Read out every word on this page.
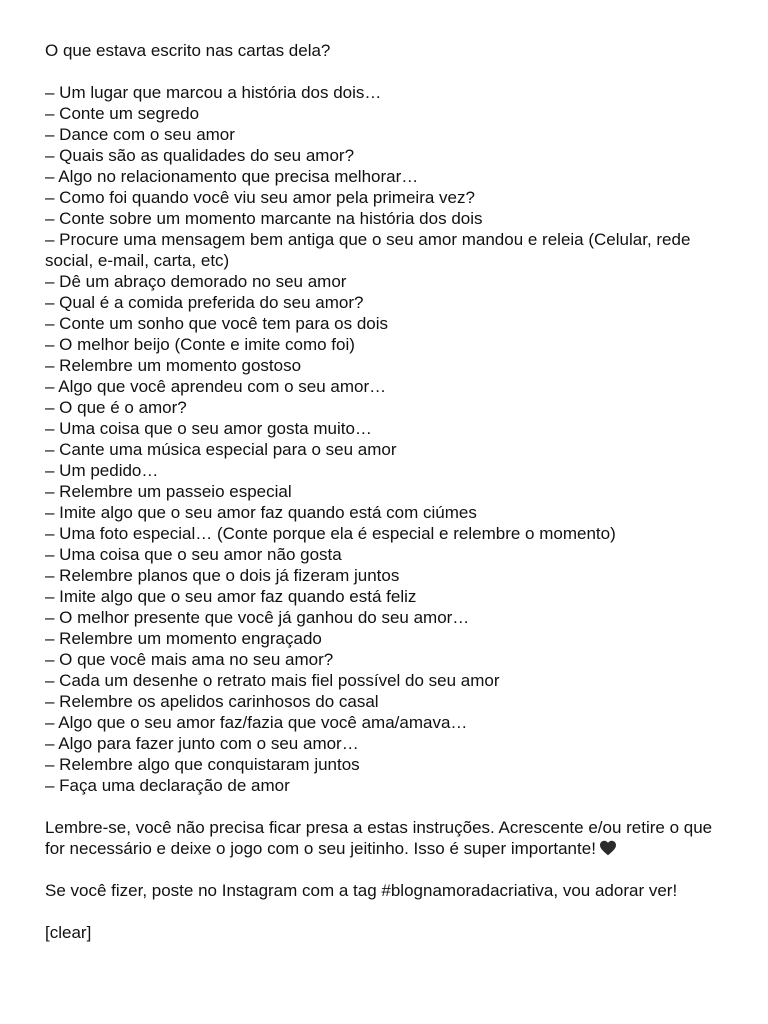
O que estava escrito nas cartas dela?

– Um lugar que marcou a história dos dois…
– Conte um segredo
– Dance com o seu amor
– Quais são as qualidades do seu amor?
– Algo no relacionamento que precisa melhorar…
– Como foi quando você viu seu amor pela primeira vez?
– Conte sobre um momento marcante na história dos dois
– Procure uma mensagem bem antiga que o seu amor mandou e releia (Celular, rede social, e-mail, carta, etc)
– Dê um abraço demorado no seu amor
– Qual é a comida preferida do seu amor?
– Conte um sonho que você tem para os dois
– O melhor beijo (Conte e imite como foi)
– Relembre um momento gostoso
– Algo que você aprendeu com o seu amor…
– O que é o amor?
– Uma coisa que o seu amor gosta muito…
– Cante uma música especial para o seu amor
– Um pedido…
– Relembre um passeio especial
– Imite algo que o seu amor faz quando está com ciúmes
– Uma foto especial… (Conte porque ela é especial e relembre o momento)
– Uma coisa que o seu amor não gosta
– Relembre planos que o dois já fizeram juntos
– Imite algo que o seu amor faz quando está feliz
– O melhor presente que você já ganhou do seu amor…
– Relembre um momento engraçado
– O que você mais ama no seu amor?
– Cada um desenhe o retrato mais fiel possível do seu amor
– Relembre os apelidos carinhosos do casal
– Algo que o seu amor faz/fazia que você ama/amava…
– Algo para fazer junto com o seu amor…
– Relembre algo que conquistaram juntos
– Faça uma declaração de amor

Lembre-se, você não precisa ficar presa a estas instruções. Acrescente e/ou retire o que for necessário e deixe o jogo com o seu jeitinho. Isso é super importante!

Se você fizer, poste no Instagram com a tag #blognamoradacriativa, vou adorar ver!

[clear]
